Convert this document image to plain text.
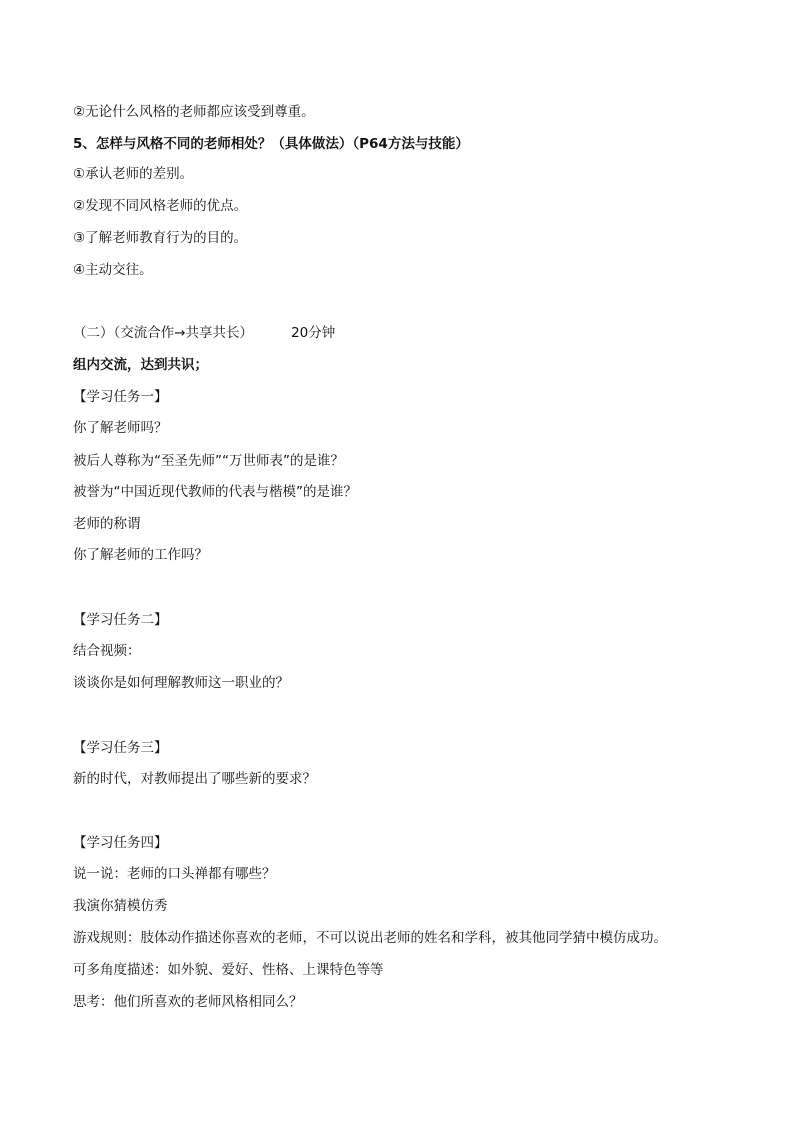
②无论什么风格的老师都应该受到尊重。
5、怎样与风格不同的老师相处？（具体做法）（P64方法与技能）
①承认老师的差别。
②发现不同风格老师的优点。
③了解老师教育行为的目的。
④主动交往。
（二）（交流合作→共享共长）	20分钟
组内交流，达到共识；
【学习任务一】
你了解老师吗？
被后人尊称为“至圣先师”“万世师表”的是谁？
被誉为“中国近现代教师的代表与楷模”的是谁？
老师的称谓
你了解老师的工作吗？
【学习任务二】
结合视频：
谈谈你是如何理解教师这一职业的？
【学习任务三】
新的时代，对教师提出了哪些新的要求？
【学习任务四】
说一说：老师的口头禅都有哪些？
我演你猜模仿秀
游戏规则：肢体动作描述你喜欢的老师，不可以说出老师的姓名和学科，被其他同学猜中模仿成功。
可多角度描述：如外貌、爱好、性格、上课特色等等
思考：他们所喜欢的老师风格相同么？
